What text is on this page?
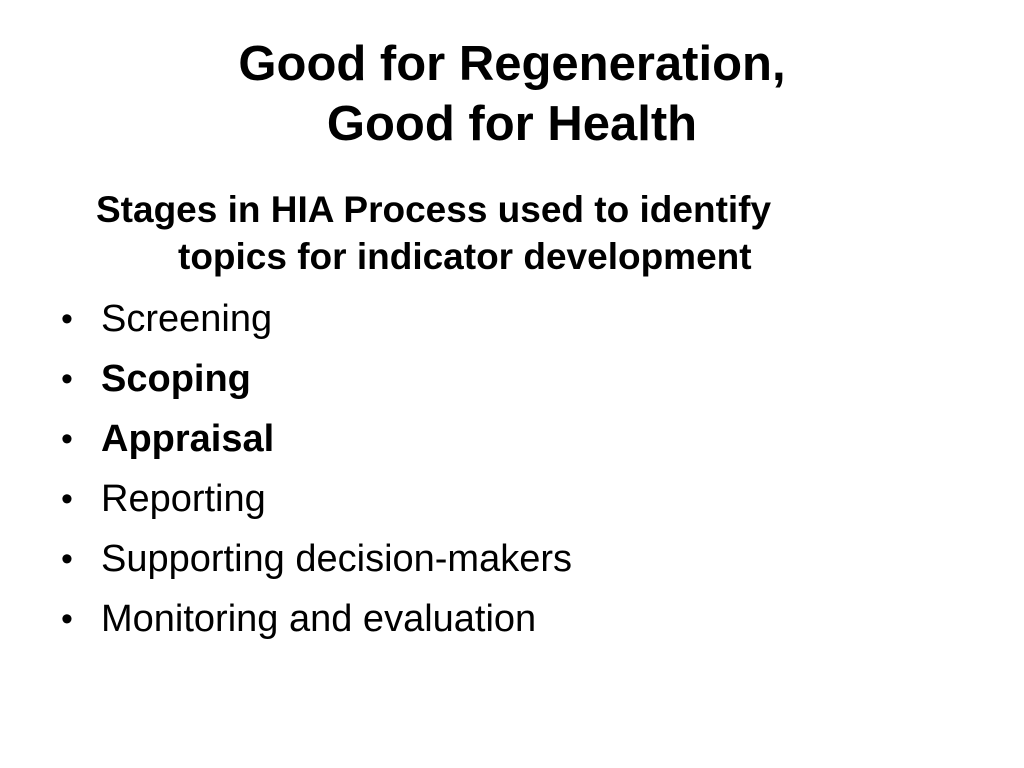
Good for Regeneration,
Good for Health

Stages in HIA Process used to identify
topics for indicator development

• Screening
• Scoping
• Appraisal
• Reporting
• Supporting decision-makers
• Monitoring and evaluation
